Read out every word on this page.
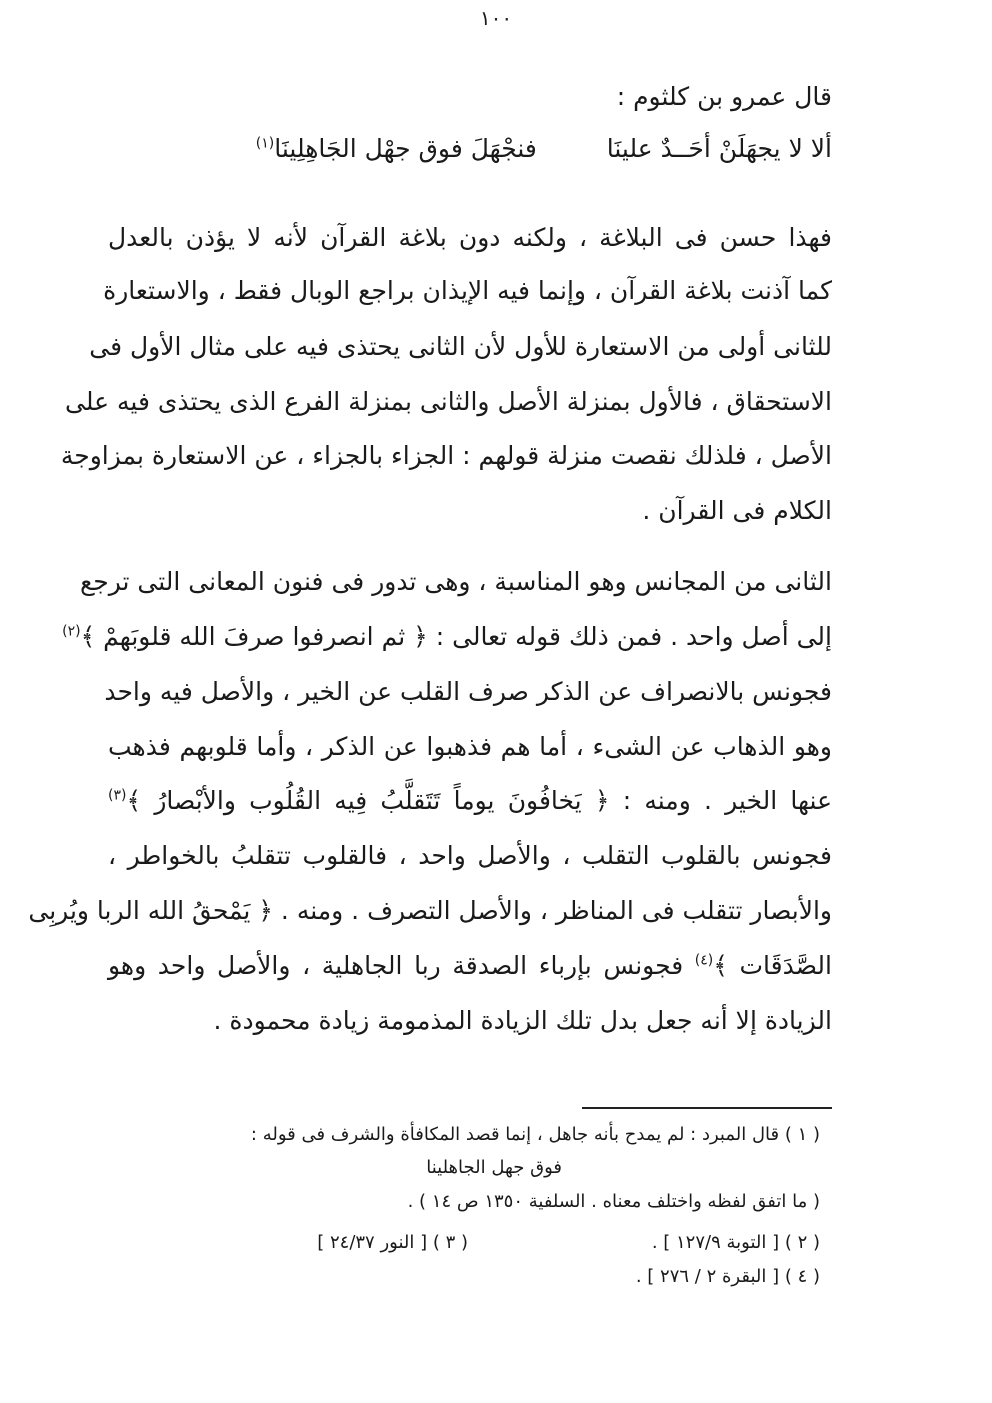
١٠٠
قال عمرو بن كلثوم :
ألا لا يجهَلَنْ أحَــدٌ علينَا  فنجْهَلَ فوق جهْل الجَاهِلِينَا$^{(١)}$
فهذا حسن فى البلاغة ، ولكنه دون بلاغة القرآن لأنه لا يؤذن بالعدل
كما آذنت بلاغة القرآن ، وإنما فيه الإيذان براجع الوبال فقط ، والاستعارة
للثانى أولى من الاستعارة للأول لأن الثانى يحتذى فيه على مثال الأول فى
الاستحقاق ، فالأول بمنزلة الأصل والثانى بمنزلة الفرع الذى يحتذى فيه على
الأصل ، فلذلك نقصت منزلة قولهم : الجزاء بالجزاء ، عن الاستعارة بمزاوجة
الكلام فى القرآن .
الثانى من المجانس وهو المناسبة ، وهى تدور فى فنون المعانى التى ترجع
إلى أصل واحد . فمن ذلك قوله تعالى : ﴿ ثم انصرفوا صرفَ الله قلوبَهمْ ﴾$^{(٢)}$
فجونس بالانصراف عن الذكر صرف القلب عن الخير ، والأصل فيه واحد
وهو الذهاب عن الشىء ، أما هم فذهبوا عن الذكر ، وأما قلوبهم فذهب
عنها الخير . ومنه : ﴿ يَخافُونَ يوماً تَتَقلَّبُ فِيه القُلُوب والأبْصارُ ﴾$^{(٣)}$
فجونس بالقلوب التقلب ، والأصل واحد ، فالقلوب تتقلبُ بالخواطر ،
والأبصار تتقلب فى المناظر ، والأصل التصرف . ومنه . ﴿ يَمْحقُ الله الربا ويُربِى
الصَّدَقَات ﴾$^{(٤)}$ فجونس بإرباء الصدقة ربا الجاهلية ، والأصل واحد وهو
الزيادة إلا أنه جعل بدل تلك الزيادة المذمومة زيادة محمودة .
( ١ ) قال المبرد : لم يمدح بأنه جاهل ، إنما قصد المكافأة والشرف فى قوله :
فوق جهل الجاهلينا
( ما اتفق لفظه واختلف معناه . السلفية ١٣٥٠ ص ١٤ ) .
( ٢ ) [ التوبة ١٢٧/٩ ] .
( ٣ ) [ النور ٢٤/٣٧ ]
( ٤ ) [ البقرة ٢ / ٢٧٦ ] .
